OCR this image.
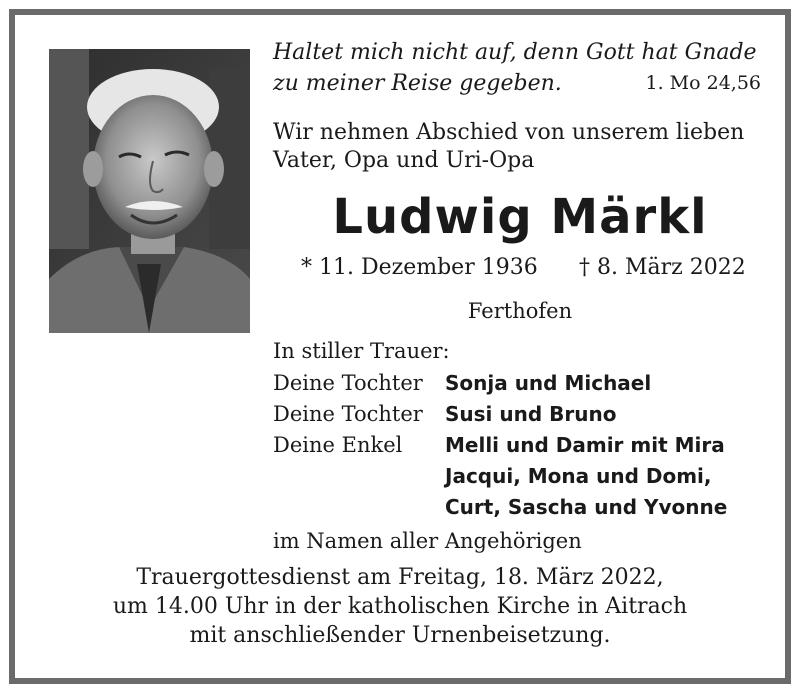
Haltet mich nicht auf, denn Gott hat Gnade
zu meiner Reise gegeben.	1. Mo 24,56
Wir nehmen Abschied von unserem lieben
Vater, Opa und Uri-Opa
Ludwig Märkl
* 11. Dezember 1936 † 8. März 2022
Ferthofen
In stiller Trauer:
Deine Tochter Sonja und Michael
Deine Tochter Susi und Bruno
Deine Enkel Melli und Damir mit Mira
Jacqui, Mona und Domi,
Curt, Sascha und Yvonne
im Namen aller Angehörigen
Trauergottesdienst am Freitag, 18. März 2022,
um 14.00 Uhr in der katholischen Kirche in Aitrach
mit anschließender Urnenbeisetzung.
